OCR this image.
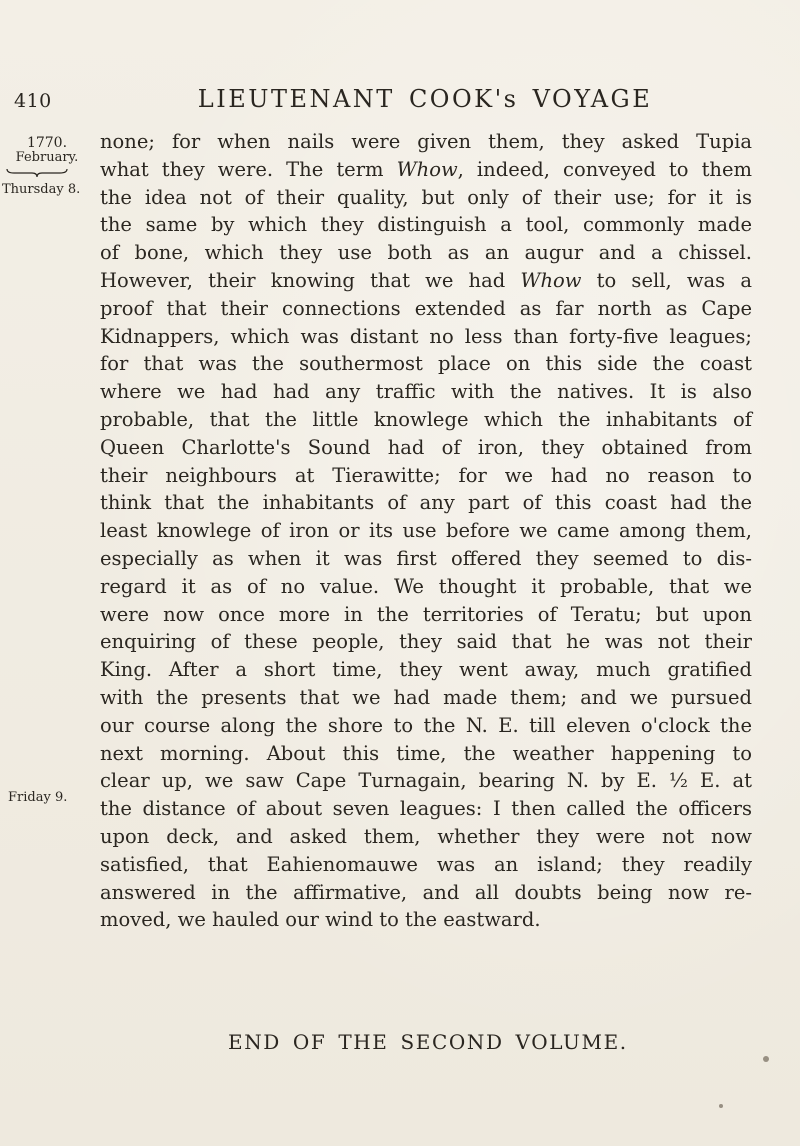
410	LIEUTENANT COOK's VOYAGE
1770.
February.
Thursday 8.
Friday 9.
none; for when nails were given them, they asked Tupia
what they were. The term Whow, indeed, conveyed to them
the idea not of their quality, but only of their use; for it is
the same by which they distinguish a tool, commonly made
of bone, which they use both as an augur and a chissel.
However, their knowing that we had Whow to sell, was a
proof that their connections extended as far north as Cape
Kidnappers, which was distant no less than forty-five leagues;
for that was the southermost place on this side the coast
where we had had any traffic with the natives. It is also
probable, that the little knowlege which the inhabitants of
Queen Charlotte's Sound had of iron, they obtained from
their neighbours at Tierawitte; for we had no reason to
think that the inhabitants of any part of this coast had the
least knowlege of iron or its use before we came among them,
especially as when it was first offered they seemed to dis-
regard it as of no value. We thought it probable, that we
were now once more in the territories of Teratu; but upon
enquiring of these people, they said that he was not their
King. After a short time, they went away, much gratified
with the presents that we had made them; and we pursued
our course along the shore to the N. E. till eleven o'clock the
next morning. About this time, the weather happening to
clear up, we saw Cape Turnagain, bearing N. by E. ½ E. at
the distance of about seven leagues: I then called the officers
upon deck, and asked them, whether they were not now
satisfied, that Eahienomauwe was an island; they readily
answered in the affirmative, and all doubts being now re-
moved, we hauled our wind to the eastward.
END OF THE SECOND VOLUME.
